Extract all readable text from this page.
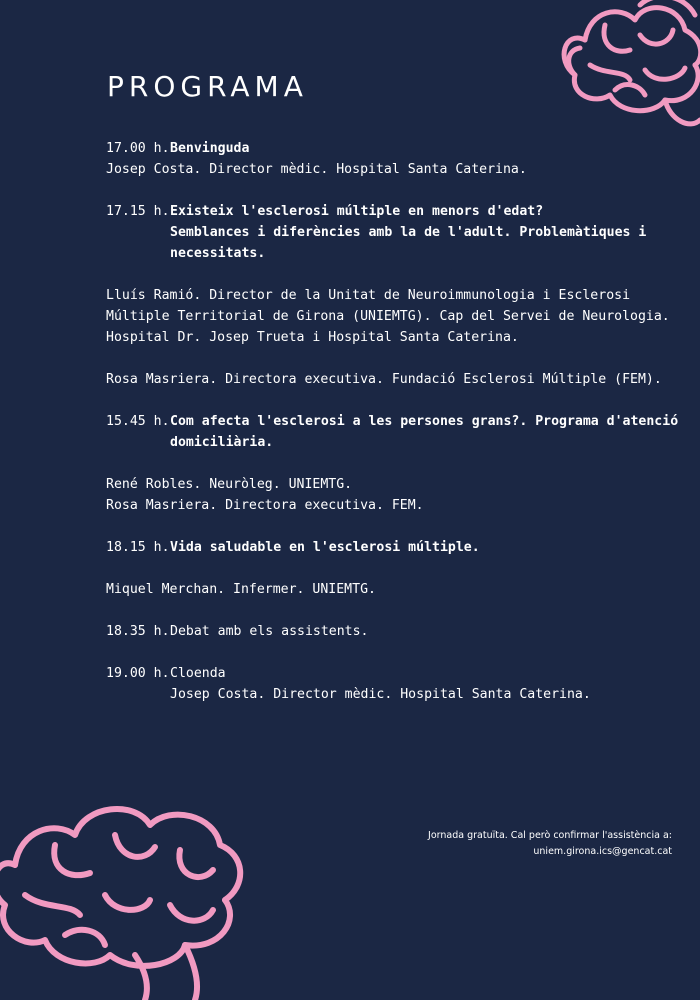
PROGRAMA
17.00 h. Benvinguda

Josep Costa. Director mèdic. Hospital Santa Caterina.

17.15 h. Existeix l'esclerosi múltiple en menors d'edat?

Semblances i diferències amb la de l'adult. Problemàtiques i

necessitats.

Lluís Ramió. Director de la Unitat de Neuroimmunologia i Esclerosi

Múltiple Territorial de Girona (UNIEMTG). Cap del Servei de Neurologia.

Hospital Dr. Josep Trueta i Hospital Santa Caterina.

Rosa Masriera. Directora executiva. Fundació Esclerosi Múltiple (FEM).

15.45 h. Com afecta l'esclerosi a les persones grans?. Programa d'atenció

domiciliària.

René Robles. Neuròleg. UNIEMTG.

Rosa Masriera. Directora executiva. FEM.

18.15 h. Vida saludable en l'esclerosi múltiple.

Miquel Merchan. Infermer. UNIEMTG.

18.35 h. Debat amb els assistents.
19.00 h. Cloenda

Josep Costa. Director mèdic. Hospital Santa Caterina.

Jornada gratuïta. Cal però confirmar l'assistència a:
uniem.girona.ics@gencat.cat
